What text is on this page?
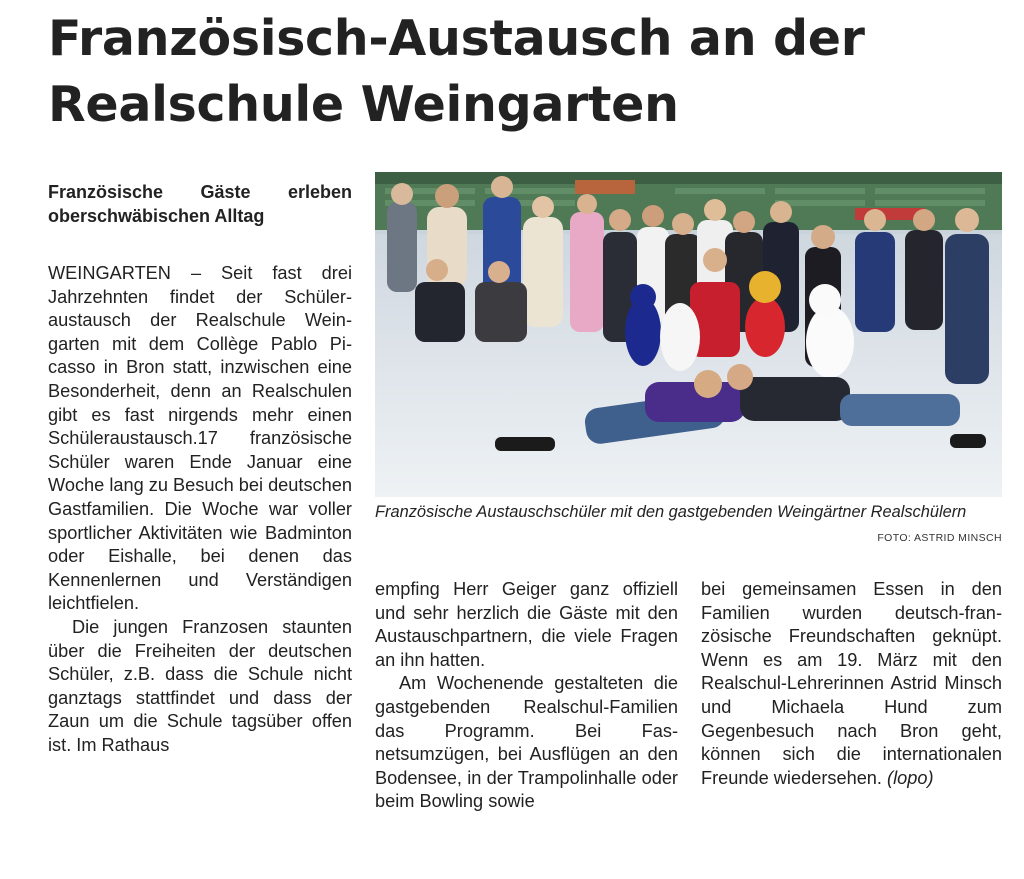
Französisch-Austausch an der
Realschule Weingarten
Französische Gäste erleben oberschwäbischen Alltag

WEINGARTEN – Seit fast drei Jahrzehnten findet der Schüleraustausch der Realschule Weingarten mit dem Collège Pablo Picasso in Bron statt, inzwischen eine Besonderheit, denn an Realschulen gibt es fast nirgends mehr einen Schüleraustausch.17 französische Schüler waren Ende Januar eine Woche lang zu Besuch bei deutschen Gastfamilien. Die Woche war voller sportlicher Aktivitäten wie Badminton oder Eishalle, bei denen das Kennenlernen und Verständigen leichtfielen.

Die jungen Franzosen staunten über die Freiheiten der deutschen Schüler, z.B. dass die Schule nicht ganztags stattfindet und dass der Zaun um die Schule tagsüber offen ist. Im Rathaus

Französische Austauschschüler mit den gastgebenden Weingärtner Realschülern

FOTO: ASTRID MINSCH

empfing Herr Geiger ganz offiziell und sehr herzlich die Gäste mit den Austauschpartnern, die viele Fragen an ihn hatten.

Am Wochenende gestalteten die gastgebenden Realschul-Familien das Programm. Bei Fasnetsumzügen, bei Ausflügen an den Bodensee, in der Trampolinhalle oder beim Bowling sowie

bei gemeinsamen Essen in den Familien wurden deutsch-französische Freundschaften geknüpt. Wenn es am 19. März mit den Realschul-Lehrerinnen Astrid Minsch und Michaela Hund zum Gegenbesuch nach Bron geht, können sich die internationalen Freunde wiedersehen. (lopo)
